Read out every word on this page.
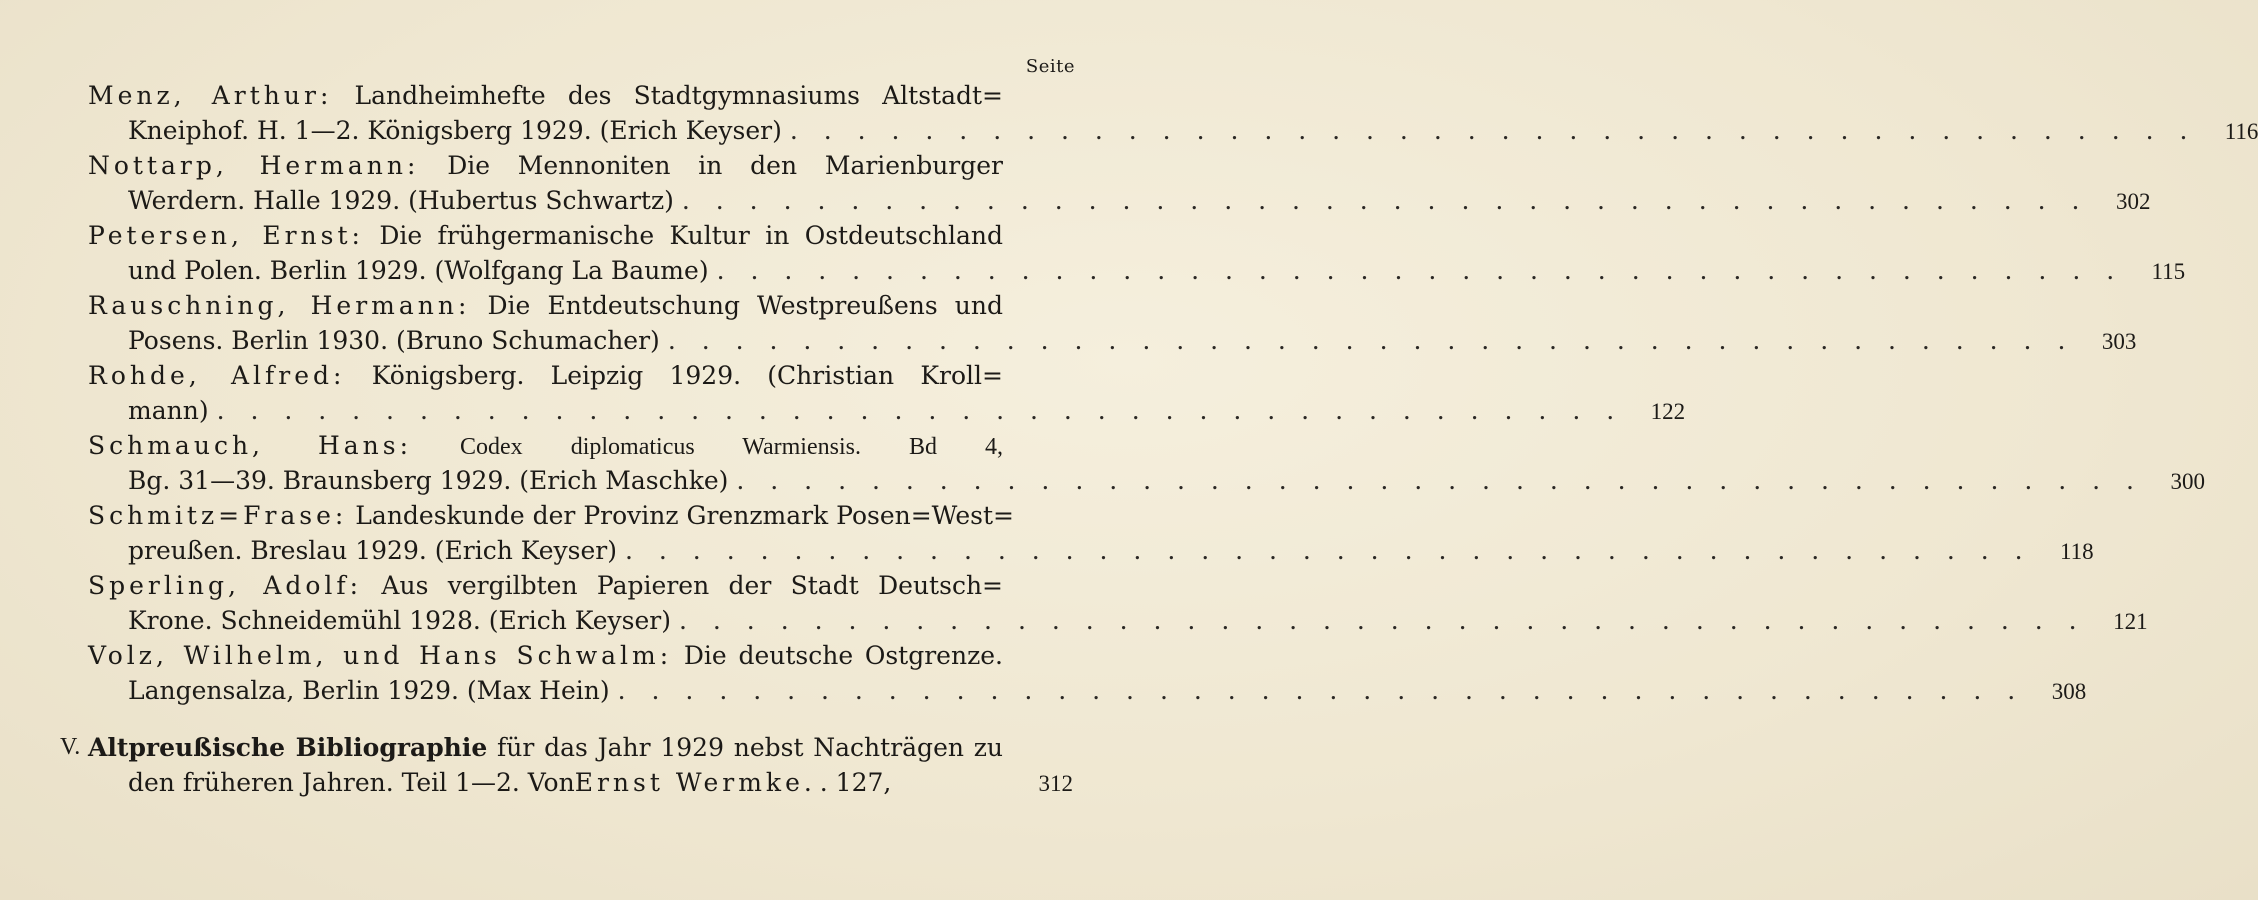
Seite
Menz, Arthur: Landheimhefte des Stadtgymnasiums Altstadt=
Kneiphof. H. 1—2. Königsberg 1929. (Erich Keyser) . . . . . . . . . . . . . . . . . . . . . . . . . . . . . . . . . . . . . . . . . .	116
Nottarp, Hermann: Die Mennoniten in den Marienburger
Werdern. Halle 1929. (Hubertus Schwartz) . . . . . . . . . . . . . . . . . . . . . . . . . . . . . . . . . . . . . . . . . .	302
Petersen, Ernst: Die frühgermanische Kultur in Ostdeutschland
und Polen. Berlin 1929. (Wolfgang La Baume) . . . . . . . . . . . . . . . . . . . . . . . . . . . . . . . . . . . . . . . . . .	115
Rauschning, Hermann: Die Entdeutschung Westpreußens und
Posens. Berlin 1930. (Bruno Schumacher) . . . . . . . . . . . . . . . . . . . . . . . . . . . . . . . . . . . . . . . . . .	303
Rohde, Alfred: Königsberg. Leipzig 1929. (Christian Kroll=
mann) . . . . . . . . . . . . . . . . . . . . . . . . . . . . . . . . . . . . . . . . . .	122
Schmauch, Hans: Codex diplomaticus Warmiensis. Bd 4,
Bg. 31—39. Braunsberg 1929. (Erich Maschke) . . . . . . . . . . . . . . . . . . . . . . . . . . . . . . . . . . . . . . . . . .	300
Schmitz=Frase: Landeskunde der Provinz Grenzmark Posen=West=
preußen. Breslau 1929. (Erich Keyser) . . . . . . . . . . . . . . . . . . . . . . . . . . . . . . . . . . . . . . . . . .	118
Sperling, Adolf: Aus vergilbten Papieren der Stadt Deutsch=
Krone. Schneidemühl 1928. (Erich Keyser) . . . . . . . . . . . . . . . . . . . . . . . . . . . . . . . . . . . . . . . . . .	121
Volz, Wilhelm, und Hans Schwalm: Die deutsche Ostgrenze.
Langensalza, Berlin 1929. (Max Hein) . . . . . . . . . . . . . . . . . . . . . . . . . . . . . . . . . . . . . . . . . .	308
V. Altpreußische Bibliographie für das Jahr 1929 nebst Nachträgen zu
den früheren Jahren. Teil 1—2. Von Ernst Wermke . . 127,	312
